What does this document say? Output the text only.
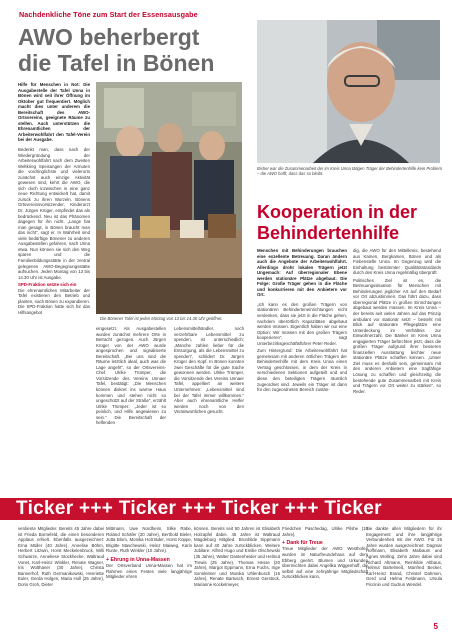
Nachdenkliche Töne zum Start der Essensausgabe
AWO beherbergt die Tafel in Bönen

Hilfe für Menschen in Not: Die Ausgabestelle der Tafel Unna in Bönen wird seit ihrer Öffnung im Oktober gut frequentiert. Möglich macht dies unter anderem die Bereitschaft des AWO-Ortsvereins, geeignete Räume zu stellen. Auch unterstützen die Ehrenamtlichen der Arbeiterwohlfahrt den Tafel-Verein bei der Ausgabe.

Bedenkt man, dass nach der Wiedergründung der Arbeiterwohlfahrt nach dem Zweiten Weltkrieg Speisungen der Armuten die vordringlichste und vielerorts zunächst auch einzige Aktivität gewesen sind, kehrt die AWO, die sich doch inzwischen in eine ganz neue Richtung entwickelt hat, damit zurück zu ihren Wurzeln. Bönens Ortsvereinsvorsitzender, Kinderarzt Dr. Jürgen Krüger, empfindet das als bedrückend. Neu ist das Phänomen dagegen für ihn nicht. „Lange hat man gesagt, in Bönen braucht man das nicht“, sagt er. In Wahrheit sind viele bedürftige Bönener zu anderen Ausgabestellen gefahren, nach Unna etwa. Nun können sie sich den Weg sparen und die Familienbildungsstätte in der zentral gelegenen AWO-Begegnungsstätte aufsuchen. Jeden Montag von 13 bis 14.30 Uhr ist Ausgabe.

SPD-Fraktion setzte sich ein

Die ehrenamtlichen Mitarbeiter der Tafel existieren den Betrieb und planten, nach Bönen zu expandieren. Die SPD-Fraktion hatte sich für das Hilfsangebot

Die Bönener Tafel ist jeden Montag von 13 bis 14.30 Uhr geöffnet.

eingesetzt. Als Ausgabestellen wurden zunächst mehrere Orte in Betracht gezogen. Auch Jürgen Krüger von der AWO wurde angesprochen und signalisierte Bereitschaft. „Bei uns sind die Räume letztlich ideal, auch was die Lage angeht“, so der Ortsvereins-Chef. Ulrike Trümper, die Vorsitzende des Vereins Unnaer Tafel, bestätigt: „Die Menschen können diskret ins warme Haus kommen und stehen nicht so ungeschützt auf der Straße“, erzählt Ulrike Trümper: „Jeder ist so peinlich, und Hilfe angewiesen zu sein.“ Die Bereitschaft der helfenden

Lebensmittelhändler, noch verzehrbare Lebensmittel zu spenden, ist unterschiedlich: „Manche zahlen lieber für die Entsorgung, als die Lebensmittel zu spenden“, schildert Dr. Jürgen Krüger den Kopf. In Bönen konnten zwei Geschäfte für die gute Sache gewonnen werden. Ulrike Trümper, die Vorsitzende des Vereins Unnaer Tafel, appelliert an weitere Unternehmen: „Lebensmittel sind bei der Tafel immer willkommen.“ Aber auch ehrenamtliche Helfer werden noch von den Verantwortlichen gesucht.

Bisher war die Zusammenarbeit der im Kreis Unna tätigen Träger der Behindertenhilfe kein Problem – die AWO hofft, dass das so bleibt.
Kooperation in der Behindertenhilfe

Menschen mit Behinderungen brauchen eine exzellente Betreuung. Daran ändern auch die Angebote der Arbeiterwohlfahrt. Allerdings droht lokalen Trägern jetzt Ungemach: Auf überregionaler Ebene werden stationäre Plätze abgebaut. Die Folge: Große Träger gehen in die Fläche und konkurrieren mit den Anbietern vor Ort.

„Ich kann es den großen Trägern von stationären Behinderteneinrichtungen nicht verdenken, dass sie jetzt in die Fläche gehen, nachdem überörtlich Kapazitäten abgebaut werden müssen. Eigentlich haben wir nur eine Option: Wir müssen mit den großen Trägern kooperieren“, sagt Unterbezirksgeschäftsführer Peter Reder.

Zum Hintergrund: Die Arbeiterwohlfahrt hat gemeinsam mit anderen örtlichen Trägern der Behindertenhilfe mit dem Kreis Unna einen Vertrag geschlossen, in dem der Kreis in verschiedenen Sektionen aufgeteilt und und diese den beteiligten Trägern räumlich zugeordnet sind. Jeweils ein Träger ist dann für den zugeordneten Bereich zustän-

dig, die AWO für den Mittelkreis, bestehend aus Kamen, Bergkamen, Bönen und als Fiebenstelle Unna. Im Gegenzug wird die Einhaltung bestimmter Qualitätsstandards durch den Kreis Unna regelmäßig überprüft.

Politisches Ziel ist es, die Betreuungssituation für Menschen mit Behinderungen jeglicher Art auf den Bedarf vor Ort abzustimmen. Das führt dazu, dass überregional Plätze in großen Einrichtungen abgebaut werden müssen. Im Kreis Unna – der bereits seit vielen Jahren auf das Prinzip ambulant vor stationär setzt – besteht mit Blick auf stationäre Pflegeplätze eine Unterdeckung im Verhältnis zur Einwohnerzahl. Die Bänker im Kreis Unna engagierten Träger befürchten jetzt, dass die großen Träger aufgrund ihrer besseren finanziellen Ausstattung leichter neue stationäre Plätze schaffen können. „Unser Ziel muss es deshalb sein, gemeinsam mit den anderen Anbietern eine tragfähige Lösung zu schaffen und gleichzeitig die bestehende gute Zusammenarbeit mit Kreis und Trägern vor Ort weiter zu stärken“, so Reder.

Ticker +++ Ticker +++ Ticker +++ Ticker
verdiente Mitglieder. Bereits 45 Jahre dabei ist Frieda Bornefeld, die einen besonderen Applaus erhielt. Ebenfalls ausgezeichnet: Erna Müller (40 Jahre), Annelise Böhm, Herbert Litzwin, Horst Meckelenbruck, Willi Schwarze, Anneliese Stockhecke, Waltraud Vonet, Karl-Heinz Winkler, Renate Wagner, Iris Wolthaner (30 Jahre), Christa Bannerhof, Ruth Germanikowski, Henriette Euler, Gerda Holgen, Maria Hull (25 Jahre), Doris Groh, Dieter
Mittmann, Uwe Nordheim, Silke Rabe, Roland Schäfer (20 Jahre), Berthold Bieler, Jutta Blom, Monika Holzräder, Horst Köppe, Brigitte Maschewski, Heinz Maiweg, Karin Runte, Ruth Winkler (10 Jahre).
+ Ehrung in Unna-Massen
Der Ortsverband Unna-Massen hat im Rahmen eines Festes viele langjährige Mitglieder ehren
können. Bereits seit 50 Jahren ist Elisabeth Holzapfel dabei. 45 Jahre ist Waltraud Magdeburg Mitglied. Brunhilde Sippmann kann auf 40 Jahre zurückblicken. Weitere Jubilare: Alfred Hugo und Emilie Olschewski (35 Jahre), Walter Dantenheider und Helmut Trewis (25 Jahre), Thomas Hesse (20 Jahre), Margot Eppmann, Erna Fuchs, Inge Sonnleitner und Monika Uhlenbusch (15 Jahre), Renate Bartusch, Ernest Gerstück, Marianne Kockelmeyer,
Friedchen Paschedag, Ulrike Pilshe (10 Jahre).
+ Dank für Treue
Treue Mitglieder der AWO Westhofen wurden im Naturfreundehaus auf dem Ebberg geehrt. Blumen und Urkunden überreichten dabei Angelika Wiggenhoff, die selbst auf eine zehnjährige Mitgliedschaft zurückblicken kann,
Sie dankte allen Mitgliedern für ihr Engagement und ihre langjährige Verbundenheit mit der AWO. Für 25 Jahre wurden ausgezeichnet: Dagmar Hoffmann, Elisabeth Maibaum und Agnes Wolling. Zehn Jahre dabei sind Richard Altmann, Reinhilde Altbaus, Helmut Bartelmeß, Manfred Becker, Karl-Heinz Brand, Christel Dahmen, Gerd und Helma Feldmann, Ursula Piccinin und Gudrun Wendel.
5
